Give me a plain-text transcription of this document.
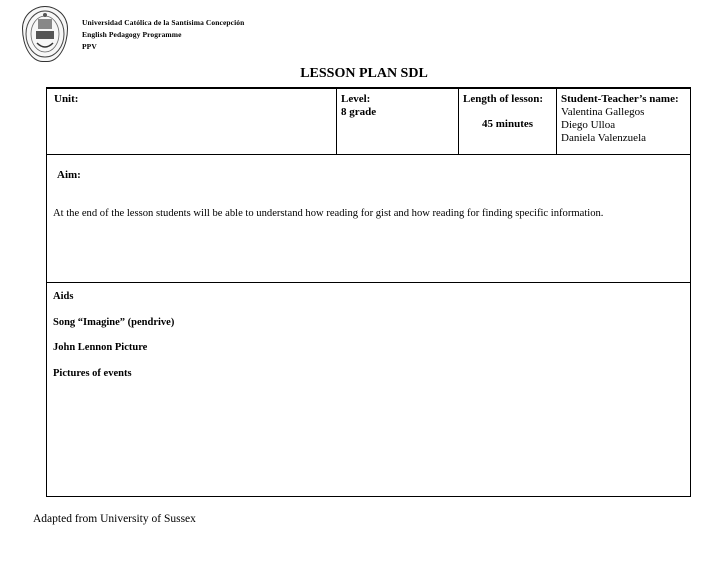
Universidad Católica de la Santísima Concepción
English Pedagogy Programme
PPV
LESSON PLAN SDL
Unit:	Level:
8 grade
Length of lesson:
45 minutes
Student-Teacher’s name:
Valentina Gallegos
Diego Ulloa
Daniela Valenzuela
Aim:
At the end of the lesson students will be able to understand how reading for gist and how reading for finding specific information.
Aids
Song “Imagine” (pendrive)
John Lennon Picture
Pictures of events
Adapted from University of Sussex
